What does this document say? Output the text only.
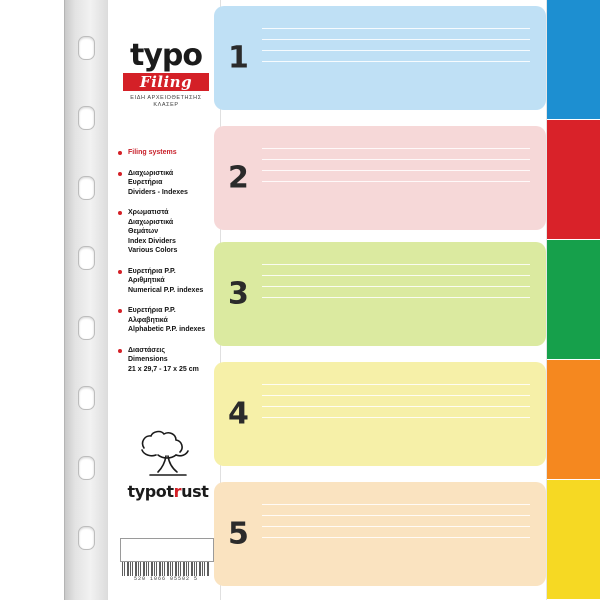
typo
Filing
ΕΙΔΗ ΑΡΧΕΙΟΘΕΤΗΣΗΣ
ΚΛΑΣΕΡ
Filing systems
Διαχωριστικά
Ευρετήρια
Dividers - Indexes
Χρωματιστά
Διαχωριστικά
Θεμάτων
Index Dividers
Various Colors
Ευρετήρια P.P.
Αριθμητικά
Numerical P.P. indexes
Ευρετήρια P.P.
Αλφαβητικά
Alphabetic P.P. indexes
Διαστάσεις
Dimensions
21 x 29,7 - 17 x 25 cm
typotrust
520 1066 05502 5
1
2
3
4
5
